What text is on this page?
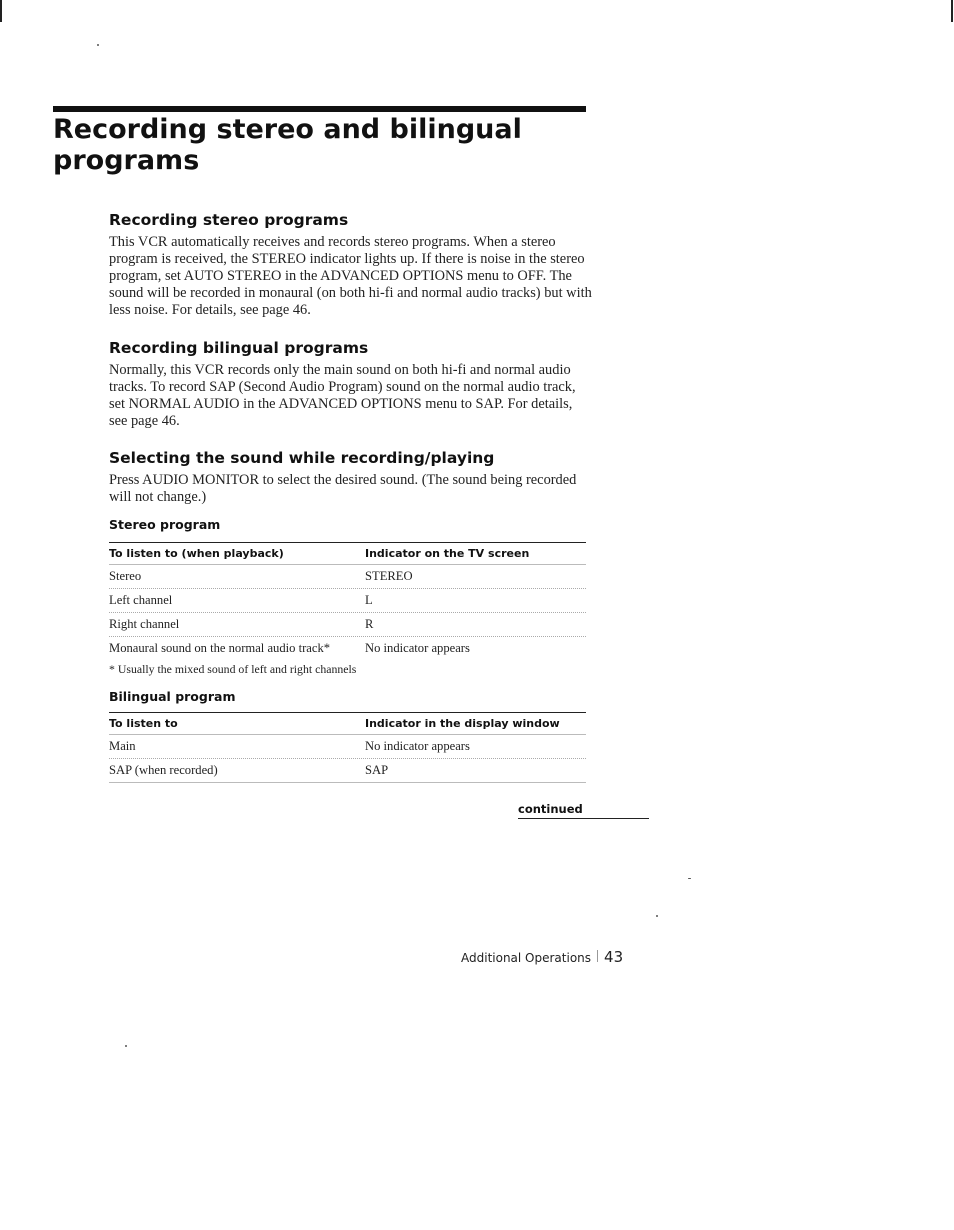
Recording stereo and bilingual programs
Recording stereo programs

This VCR automatically receives and records stereo programs. When a stereo program is received, the STEREO indicator lights up. If there is noise in the stereo program, set AUTO STEREO in the ADVANCED OPTIONS menu to OFF. The sound will be recorded in monaural (on both hi-fi and normal audio tracks) but with less noise. For details, see page 46.

Recording bilingual programs

Normally, this VCR records only the main sound on both hi-fi and normal audio tracks. To record SAP (Second Audio Program) sound on the normal audio track, set NORMAL AUDIO in the ADVANCED OPTIONS menu to SAP. For details, see page 46.

Selecting the sound while recording/playing

Press AUDIO MONITOR to select the desired sound. (The sound being recorded will not change.)

Stereo program
To listen to (when playback)	Indicator on the TV screen
Stereo	STEREO
Left channel	L
Right channel	R
Monaural sound on the normal audio track*	No indicator appears
* Usually the mixed sound of left and right channels
Bilingual program
To listen to	Indicator in the display window
Main	No indicator appears
SAP (when recorded)	SAP
continued
Additional Operations 43
